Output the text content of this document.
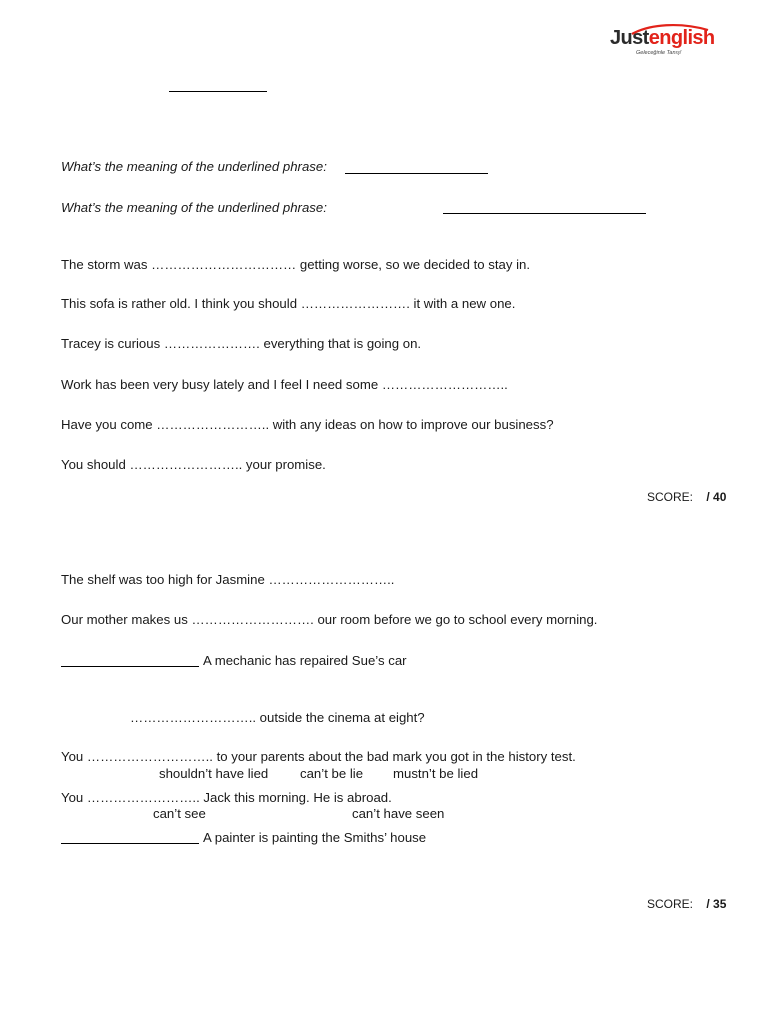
Justenglish
Geleceğinle Tanış!
What’s the meaning of the underlined phrase:
What’s the meaning of the underlined phrase:
The storm was …………………………… getting worse, so we decided to stay in.
This sofa is rather old. I think you should ……………………. it with a new one.
Tracey is curious …………………. everything that is going on.
Work has been very busy lately and I feel I need some ………………………..
Have you come …………………….. with any ideas on how to improve our business?
You should …………………….. your promise.
SCORE: / 40
The shelf was too high for Jasmine ………………………..
Our mother makes us ………………………. our room before we go to school every morning.
A mechanic has repaired Sue’s car
……………………….. outside the cinema at eight?
You ……………………….. to your parents about the bad mark you got in the history test.
shouldn’t have lied can’t be lie mustn’t be lied
You …………………….. Jack this morning. He is abroad.
can’t see	can’t have seen
A painter is painting the Smiths’ house
SCORE: / 35
